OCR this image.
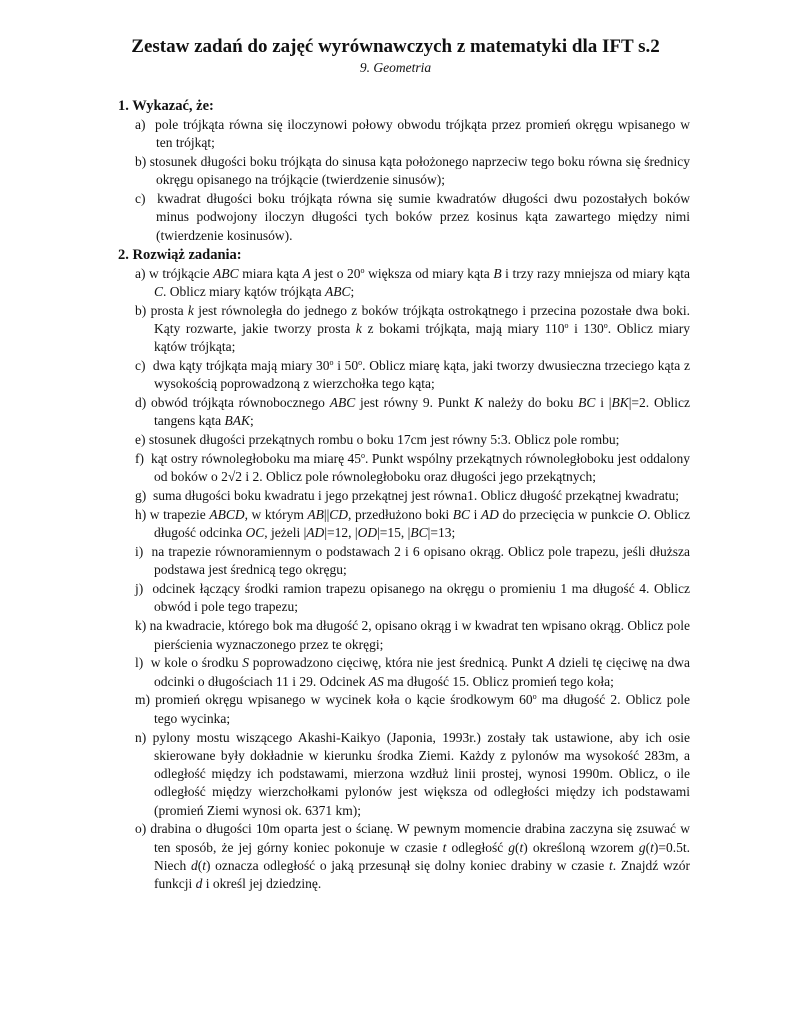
Zestaw zadań do zajęć wyrównawczych z matematyki dla IFT s.2
9. Geometria

1. Wykazać, że:

a)  pole trójkąta równa się iloczynowi połowy obwodu trójkąta przez promień okręgu wpisanego w ten trójkąt;

b) stosunek długości boku trójkąta do sinusa kąta położonego naprzeciw tego boku równa się średnicy okręgu opisanego na trójkącie (twierdzenie sinusów);

c)  kwadrat długości boku trójkąta równa się sumie kwadratów długości dwu pozostałych boków minus podwojony iloczyn długości tych boków przez kosinus kąta zawartego między nimi (twierdzenie kosinusów).

2. Rozwiąż zadania:

a) w trójkącie ABC miara kąta A jest o 20$^o$ większa od miary kąta B i trzy razy mniejsza od miary kąta C. Oblicz miary kątów trójkąta ABC;

b) prosta k jest równoległa do jednego z boków trójkąta ostrokątnego i przecina pozostałe dwa boki. Kąty rozwarte, jakie tworzy prosta k z bokami trójkąta, mają miary 110$^o$ i 130$^o$. Oblicz miary kątów trójkąta;

c)  dwa kąty trójkąta mają miary 30$^o$ i 50$^o$. Oblicz miarę kąta, jaki tworzy dwusieczna trzeciego kąta z wysokością poprowadzoną z wierzchołka tego kąta;

d) obwód trójkąta równobocznego ABC jest równy 9. Punkt K należy do boku BC i |BK|=2. Oblicz tangens kąta BAK;

e) stosunek długości przekątnych rombu o boku 17cm jest równy 5:3. Oblicz pole rombu;

f)  kąt ostry równoległoboku ma miarę 45$^o$. Punkt wspólny przekątnych równoległoboku jest oddalony od boków o 2√2 i 2. Oblicz pole równoległoboku oraz długości jego przekątnych;

g)  suma długości boku kwadratu i jego przekątnej jest równa1. Oblicz długość przekątnej kwadratu;

h) w trapezie ABCD, w którym AB||CD, przedłużono boki BC i AD do przecięcia w punkcie O. Oblicz długość odcinka OC, jeżeli |AD|=12, |OD|=15, |BC|=13;

i)  na trapezie równoramiennym o podstawach 2 i 6 opisano okrąg. Oblicz pole trapezu, jeśli dłuższa podstawa jest średnicą tego okręgu;

j)  odcinek łączący środki ramion trapezu opisanego na okręgu o promieniu 1 ma długość 4. Oblicz obwód i pole tego trapezu;

k) na kwadracie, którego bok ma długość 2, opisano okrąg i w kwadrat ten wpisano okrąg. Oblicz pole pierścienia wyznaczonego przez te okręgi;

l)  w kole o środku S poprowadzono cięciwę, która nie jest średnicą. Punkt A dzieli tę cięciwę na dwa odcinki o długościach 11 i 29. Odcinek AS ma długość 15. Oblicz promień tego koła;

m) promień okręgu wpisanego w wycinek koła o kącie środkowym 60$^o$ ma długość 2. Oblicz pole tego wycinka;

n) pylony mostu wiszącego Akashi-Kaikyo (Japonia, 1993r.) zostały tak ustawione, aby ich osie skierowane były dokładnie w kierunku środka Ziemi. Każdy z pylonów ma wysokość 283m, a odległość między ich podstawami, mierzona wzdłuż linii prostej, wynosi 1990m. Oblicz, o ile odległość między wierzchołkami pylonów jest większa od odległości między ich podstawami (promień Ziemi wynosi ok. 6371 km);

o) drabina o długości 10m oparta jest o ścianę. W pewnym momencie drabina zaczyna się zsuwać w ten sposób, że jej górny koniec pokonuje w czasie t odległość g(t) określoną wzorem g(t)=0.5t. Niech d(t) oznacza odległość o jaką przesunął się dolny koniec drabiny w czasie t. Znajdź wzór funkcji d i określ jej dziedzinę.
